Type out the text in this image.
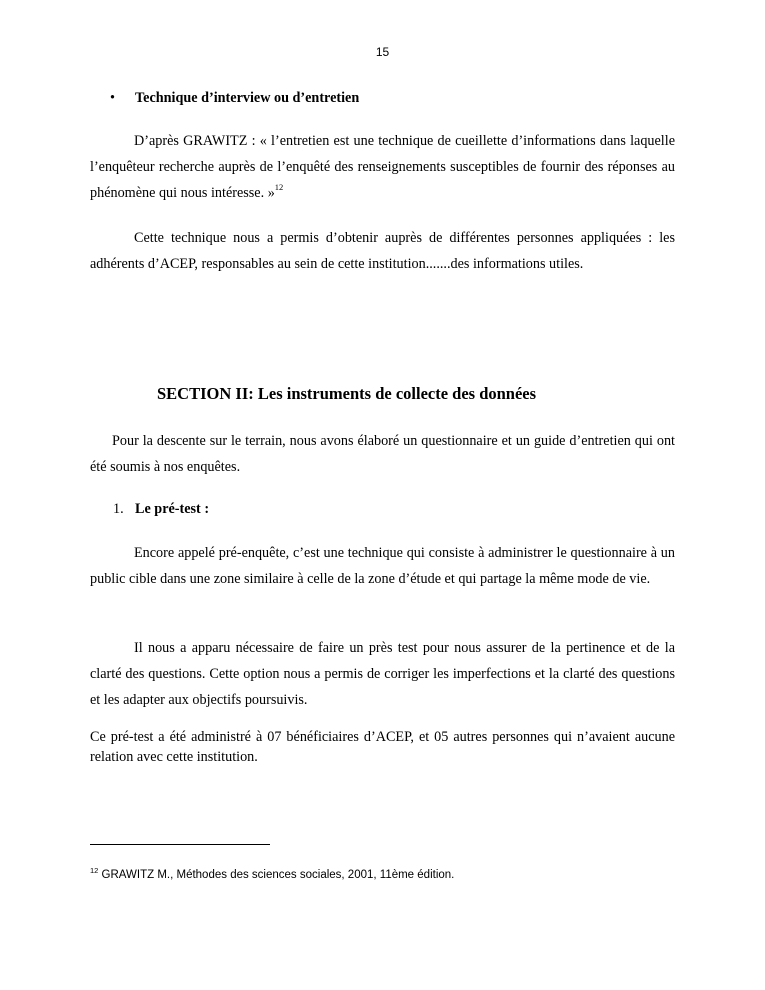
15
• Technique d’interview ou d’entretien

D’après GRAWITZ : « l’entretien est une technique de cueillette d’informations dans laquelle l’enquêteur recherche auprès de l’enquêté des renseignements susceptibles de fournir des réponses au phénomène qui nous intéresse. »$^{12}$

Cette technique nous a permis d’obtenir auprès de différentes personnes appliquées : les adhérents d’ACEP, responsables au sein de cette institution.......des informations utiles.

SECTION II: Les instruments de collecte des données

Pour la descente sur le terrain, nous avons élaboré un questionnaire et un guide d’entretien qui ont été soumis à nos enquêtes.

1. Le pré-test :

Encore appelé pré-enquête, c’est une technique qui consiste à administrer le questionnaire à un public cible dans une zone similaire à celle de la zone d’étude et qui partage la même mode de vie.

Il nous a apparu nécessaire de faire un près test pour nous assurer de la pertinence et de la clarté des questions. Cette option nous a permis de corriger les imperfections et la clarté des questions et les adapter aux objectifs poursuivis.

Ce pré-test a été administré à 07 bénéficiaires d’ACEP, et 05 autres personnes qui n’avaient aucune relation avec cette institution.

$^{12}$ GRAWITZ M., Méthodes des sciences sociales, 2001, 11ème édition.
